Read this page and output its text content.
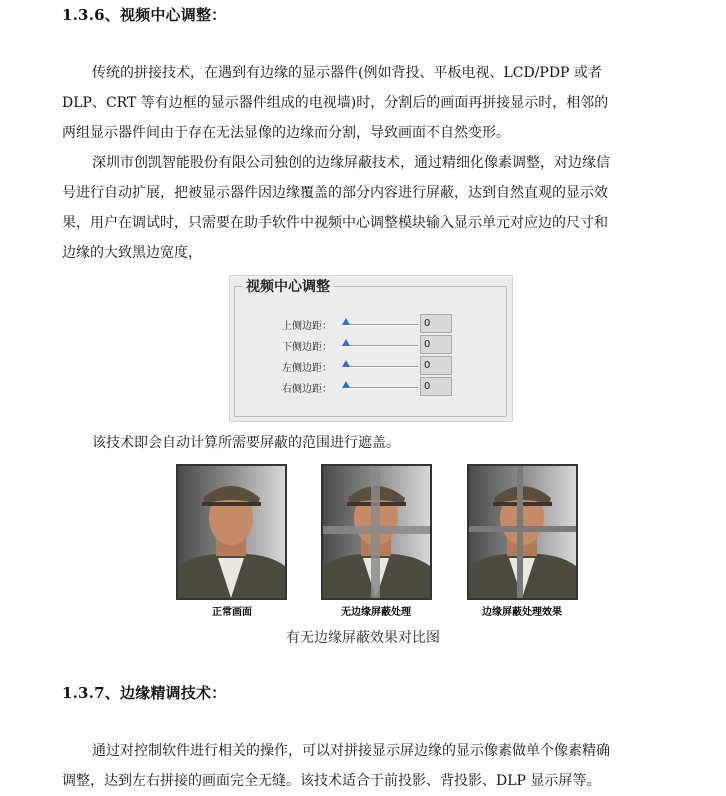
1.3.6、视频中心调整：
传统的拼接技术，在遇到有边缘的显示器件(例如背投、平板电视、LCD/PDP 或者
DLP、CRT 等有边框的显示器件组成的电视墙)时，分割后的画面再拼接显示时，相邻的
两组显示器件间由于存在无法显像的边缘而分割，导致画面不自然变形。
深圳市创凯智能股份有限公司独创的边缘屏蔽技术，通过精细化像素调整，对边缘信
号进行自动扩展，把被显示器件因边缘覆盖的部分内容进行屏蔽，达到自然直观的显示效
果，用户在调试时，只需要在助手软件中视频中心调整模块输入显示单元对应边的尺寸和
边缘的大致黑边宽度，
视频中心调整
上侧边距：	0
下侧边距：	0
左侧边距：	0
右侧边距：	0
该技术即会自动计算所需要屏蔽的范围进行遮盖。
正常画面	无边缘屏蔽处理	边缘屏蔽处理效果
有无边缘屏蔽效果对比图
1.3.7、边缘精调技术：
通过对控制软件进行相关的操作，可以对拼接显示屏边缘的显示像素做单个像素精确
调整，达到左右拼接的画面完全无缝。该技术适合于前投影、背投影、DLP 显示屏等。
